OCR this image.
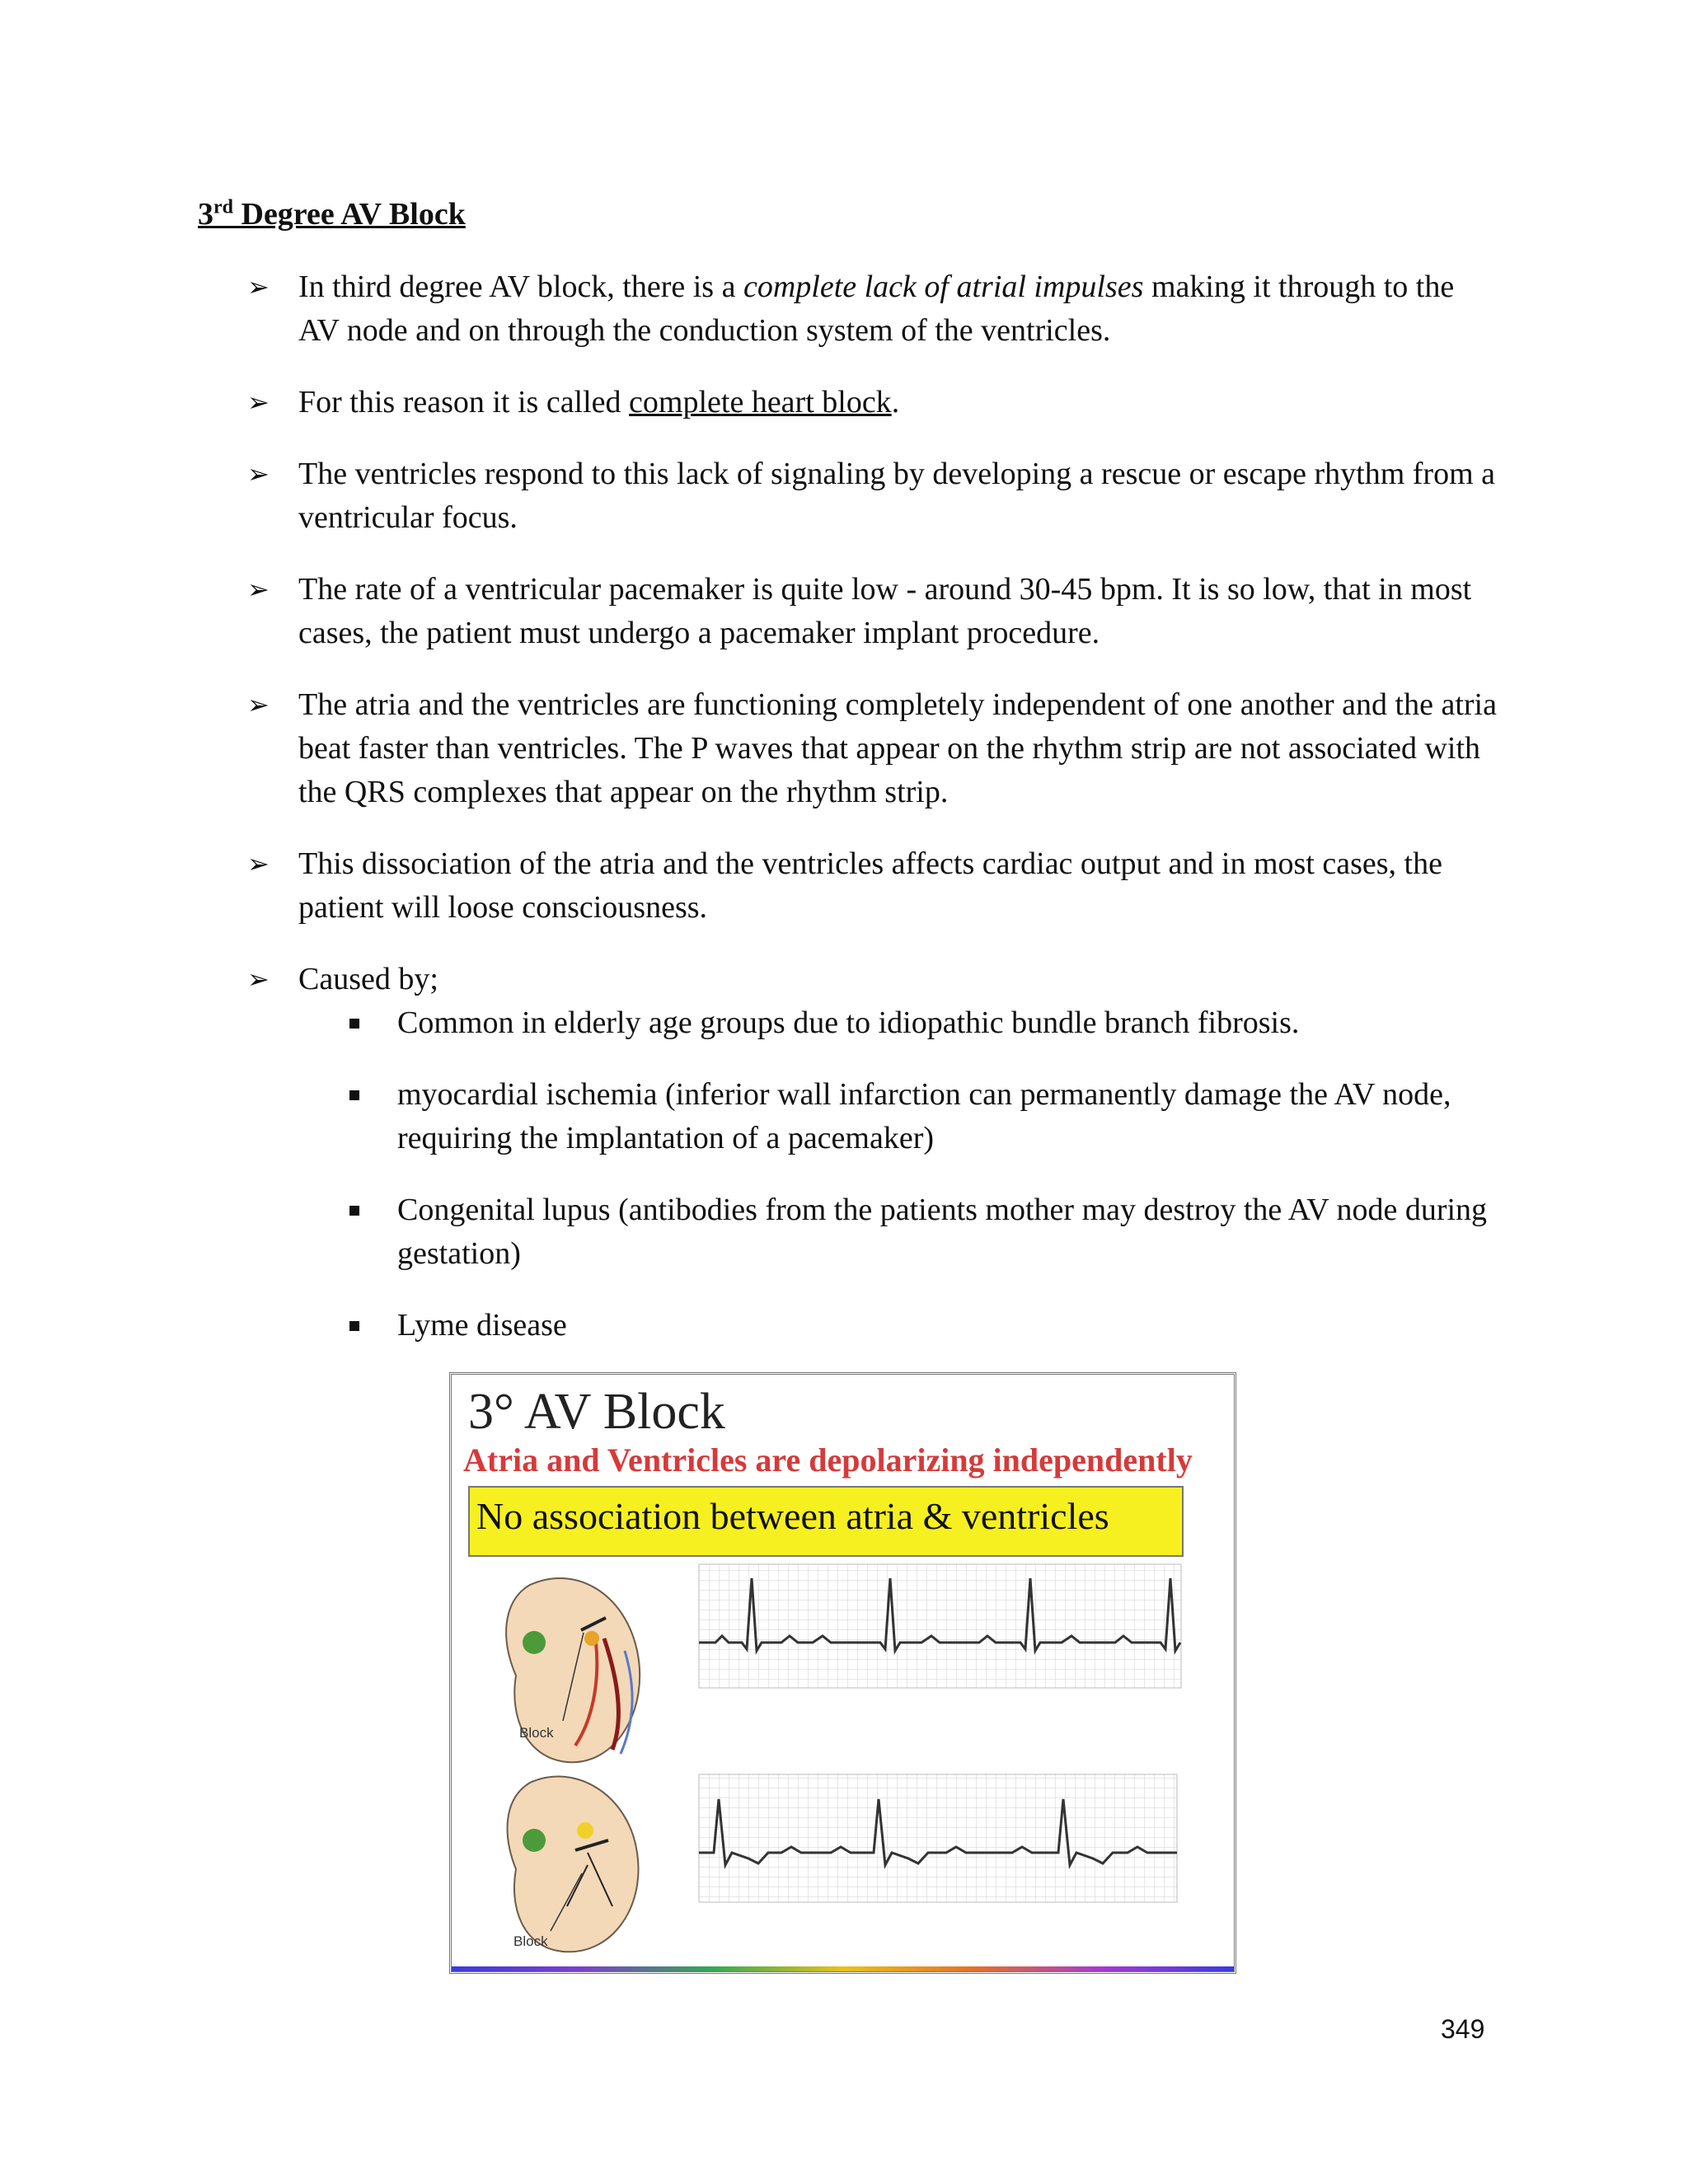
3rd Degree AV Block
➢ In third degree AV block, there is a complete lack of atrial impulses making it through to the AV node and on through the conduction system of the ventricles.
➢ For this reason it is called complete heart block.
➢ The ventricles respond to this lack of signaling by developing a rescue or escape rhythm from a ventricular focus.
➢ The rate of a ventricular pacemaker is quite low - around 30-45 bpm. It is so low, that in most cases, the patient must undergo a pacemaker implant procedure.
➢ The atria and the ventricles are functioning completely independent of one another and the atria beat faster than ventricles. The P waves that appear on the rhythm strip are not associated with the QRS complexes that appear on the rhythm strip.
➢ This dissociation of the atria and the ventricles affects cardiac output and in most cases, the patient will loose consciousness.
➢ Caused by;
Common in elderly age groups due to idiopathic bundle branch fibrosis.
myocardial ischemia (inferior wall infarction can permanently damage the AV node, requiring the implantation of a pacemaker)
Congenital lupus (antibodies from the patients mother may destroy the AV node during gestation)
Lyme disease
3° AV Block
Atria and Ventricles are depolarizing independently
No association between atria & ventricles
Block
Block
349
